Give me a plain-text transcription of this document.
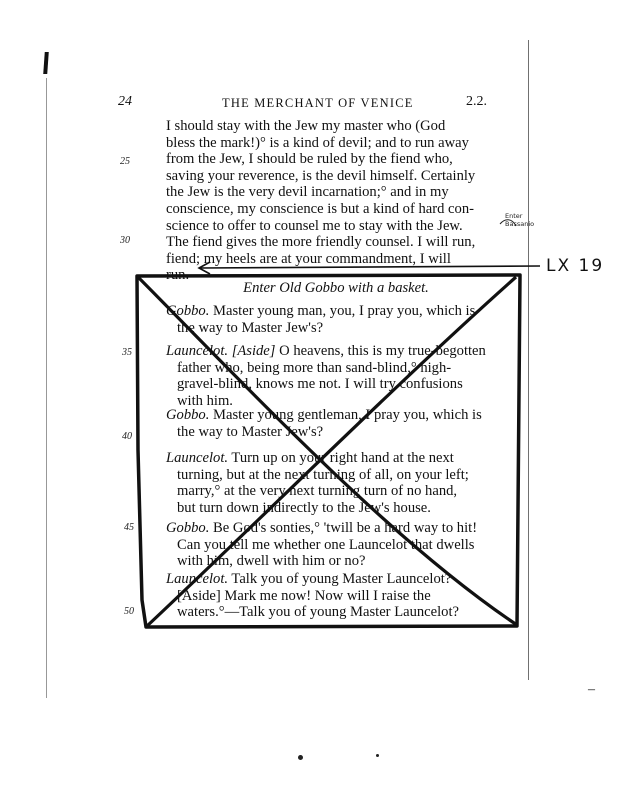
24	THE MERCHANT OF VENICE	2.2.
I should stay with the Jew my master who (God
bless the mark!)° is a kind of devil; and to run away
from the Jew, I should be ruled by the fiend who,
saving your reverence, is the devil himself. Certainly
the Jew is the very devil incarnation;° and in my
conscience, my conscience is but a kind of hard con-
science to offer to counsel me to stay with the Jew.
The fiend gives the more friendly counsel. I will run,
fiend; my heels are at your commandment, I will
run.
25
30
35
40
45
50
Enter
Bassanio
LX 19
–
Enter Old Gobbo with a basket.
Gobbo. Master young man, you, I pray you, which is
the way to Master Jew's?
Launcelot. [Aside] O heavens, this is my true-begotten
father who, being more than sand-blind,° high-
gravel-blind, knows me not. I will try confusions
with him.
Gobbo. Master young gentleman, I pray you, which is
the way to Master Jew's?
Launcelot. Turn up on your right hand at the next
turning, but at the next turning of all, on your left;
marry,° at the very next turning turn of no hand,
but turn down indirectly to the Jew's house.
Gobbo. Be God's sonties,° 'twill be a hard way to hit!
Can you tell me whether one Launcelot that dwells
with him, dwell with him or no?
Launcelot. Talk you of young Master Launcelot?
[Aside] Mark me now! Now will I raise the
waters.°—Talk you of young Master Launcelot?
